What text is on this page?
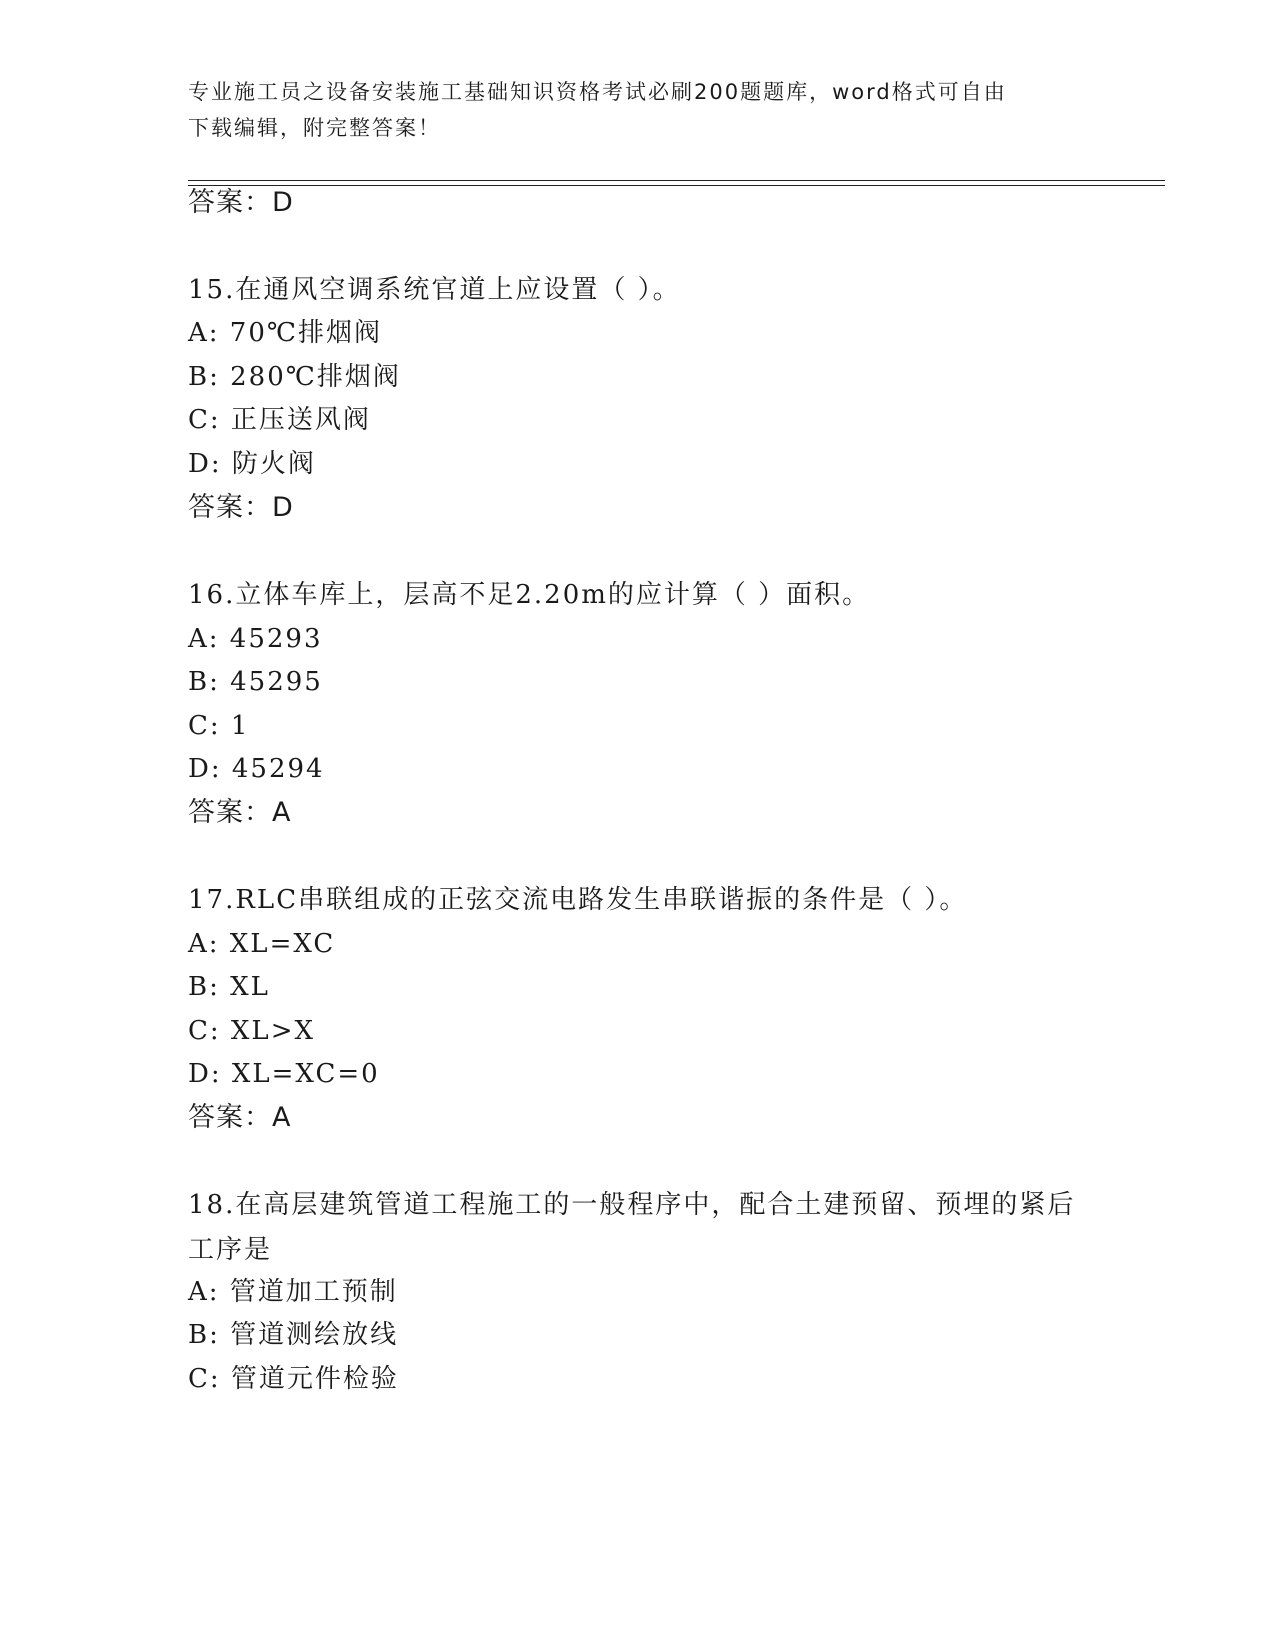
专业施工员之设备安装施工基础知识资格考试必刷200题题库，word格式可自由
下载编辑，附完整答案！
答案：D
15.在通风空调系统官道上应设置（ ）。
A: 70℃排烟阀
B: 280℃排烟阀
C: 正压送风阀
D: 防火阀
答案：D
16.立体车库上，层高不足2.20m的应计算（ ）面积。
A: 45293
B: 45295
C: 1
D: 45294
答案：A
17.RLC串联组成的正弦交流电路发生串联谐振的条件是（ ）。
A: XL=XC
B: XL
C: XL>X
D: XL=XC=0
答案：A
18.在高层建筑管道工程施工的一般程序中，配合土建预留、预埋的紧后工序是
A: 管道加工预制
B: 管道测绘放线
C: 管道元件检验
